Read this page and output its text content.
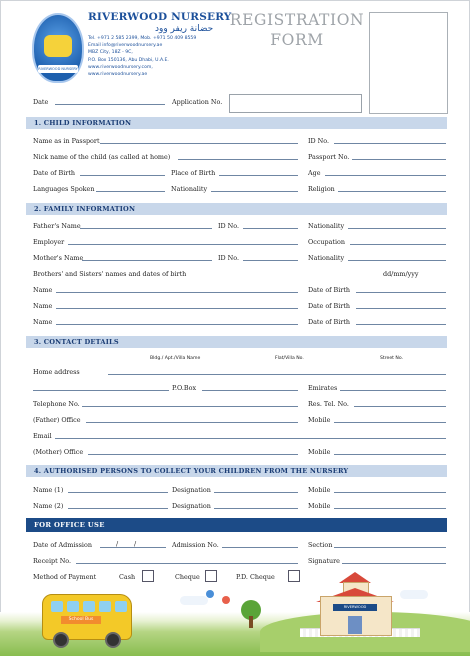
RIVERWOOD NURSERY
RIVERWOOD NURSERY
حضانة ريفر وود
Tel. +971 2 585 2399, Mob. +971 50 409 8559
Email info@riverwoodnursery.ae
MBZ City, 18Z - 9C,
P.O. Box 150136, Abu Dhabi, U.A.E.
www.riverwoodnursery.com,
www.riverwoodnursery.ae
REGISTRATION
FORM
Date	Application No.
1. CHILD INFORMATION
Name as in Passport	ID No.
Nick name of the child (as called at home)	Passport No.
Date of Birth	Place of Birth	Age
Languages Spoken	Nationality	Religion
2. FAMILY INFORMATION
Father's Name	ID No.	Nationality
Employer	Occupation
Mother's Name	ID No.	Nationality
Brothers' and Sisters' names and dates of birth	dd/mm/yyy
Name	Date of Birth
Name	Date of Birth
Name	Date of Birth
3. CONTACT DETAILS
Bldg./ Apt./Villa Name	Flat/Villa No.	Street No.
Home address
P.O.Box	Emirates
Telephone No.	Res. Tel. No.
(Father) Office	Mobile
Email
(Mother) Office	Mobile
4. AUTHORISED PERSONS TO COLLECT YOUR CHILDREN FROM THE NURSERY
Name (1)	Designation	Mobile
Name (2)	Designation	Mobile
FOR OFFICE USE
Date of Admission	/ /	Admission No.	Section
Receipt No.	Signature
Method of Payment	Cash	Cheque	P.D. Cheque
School Bus
RIVERWOOD
